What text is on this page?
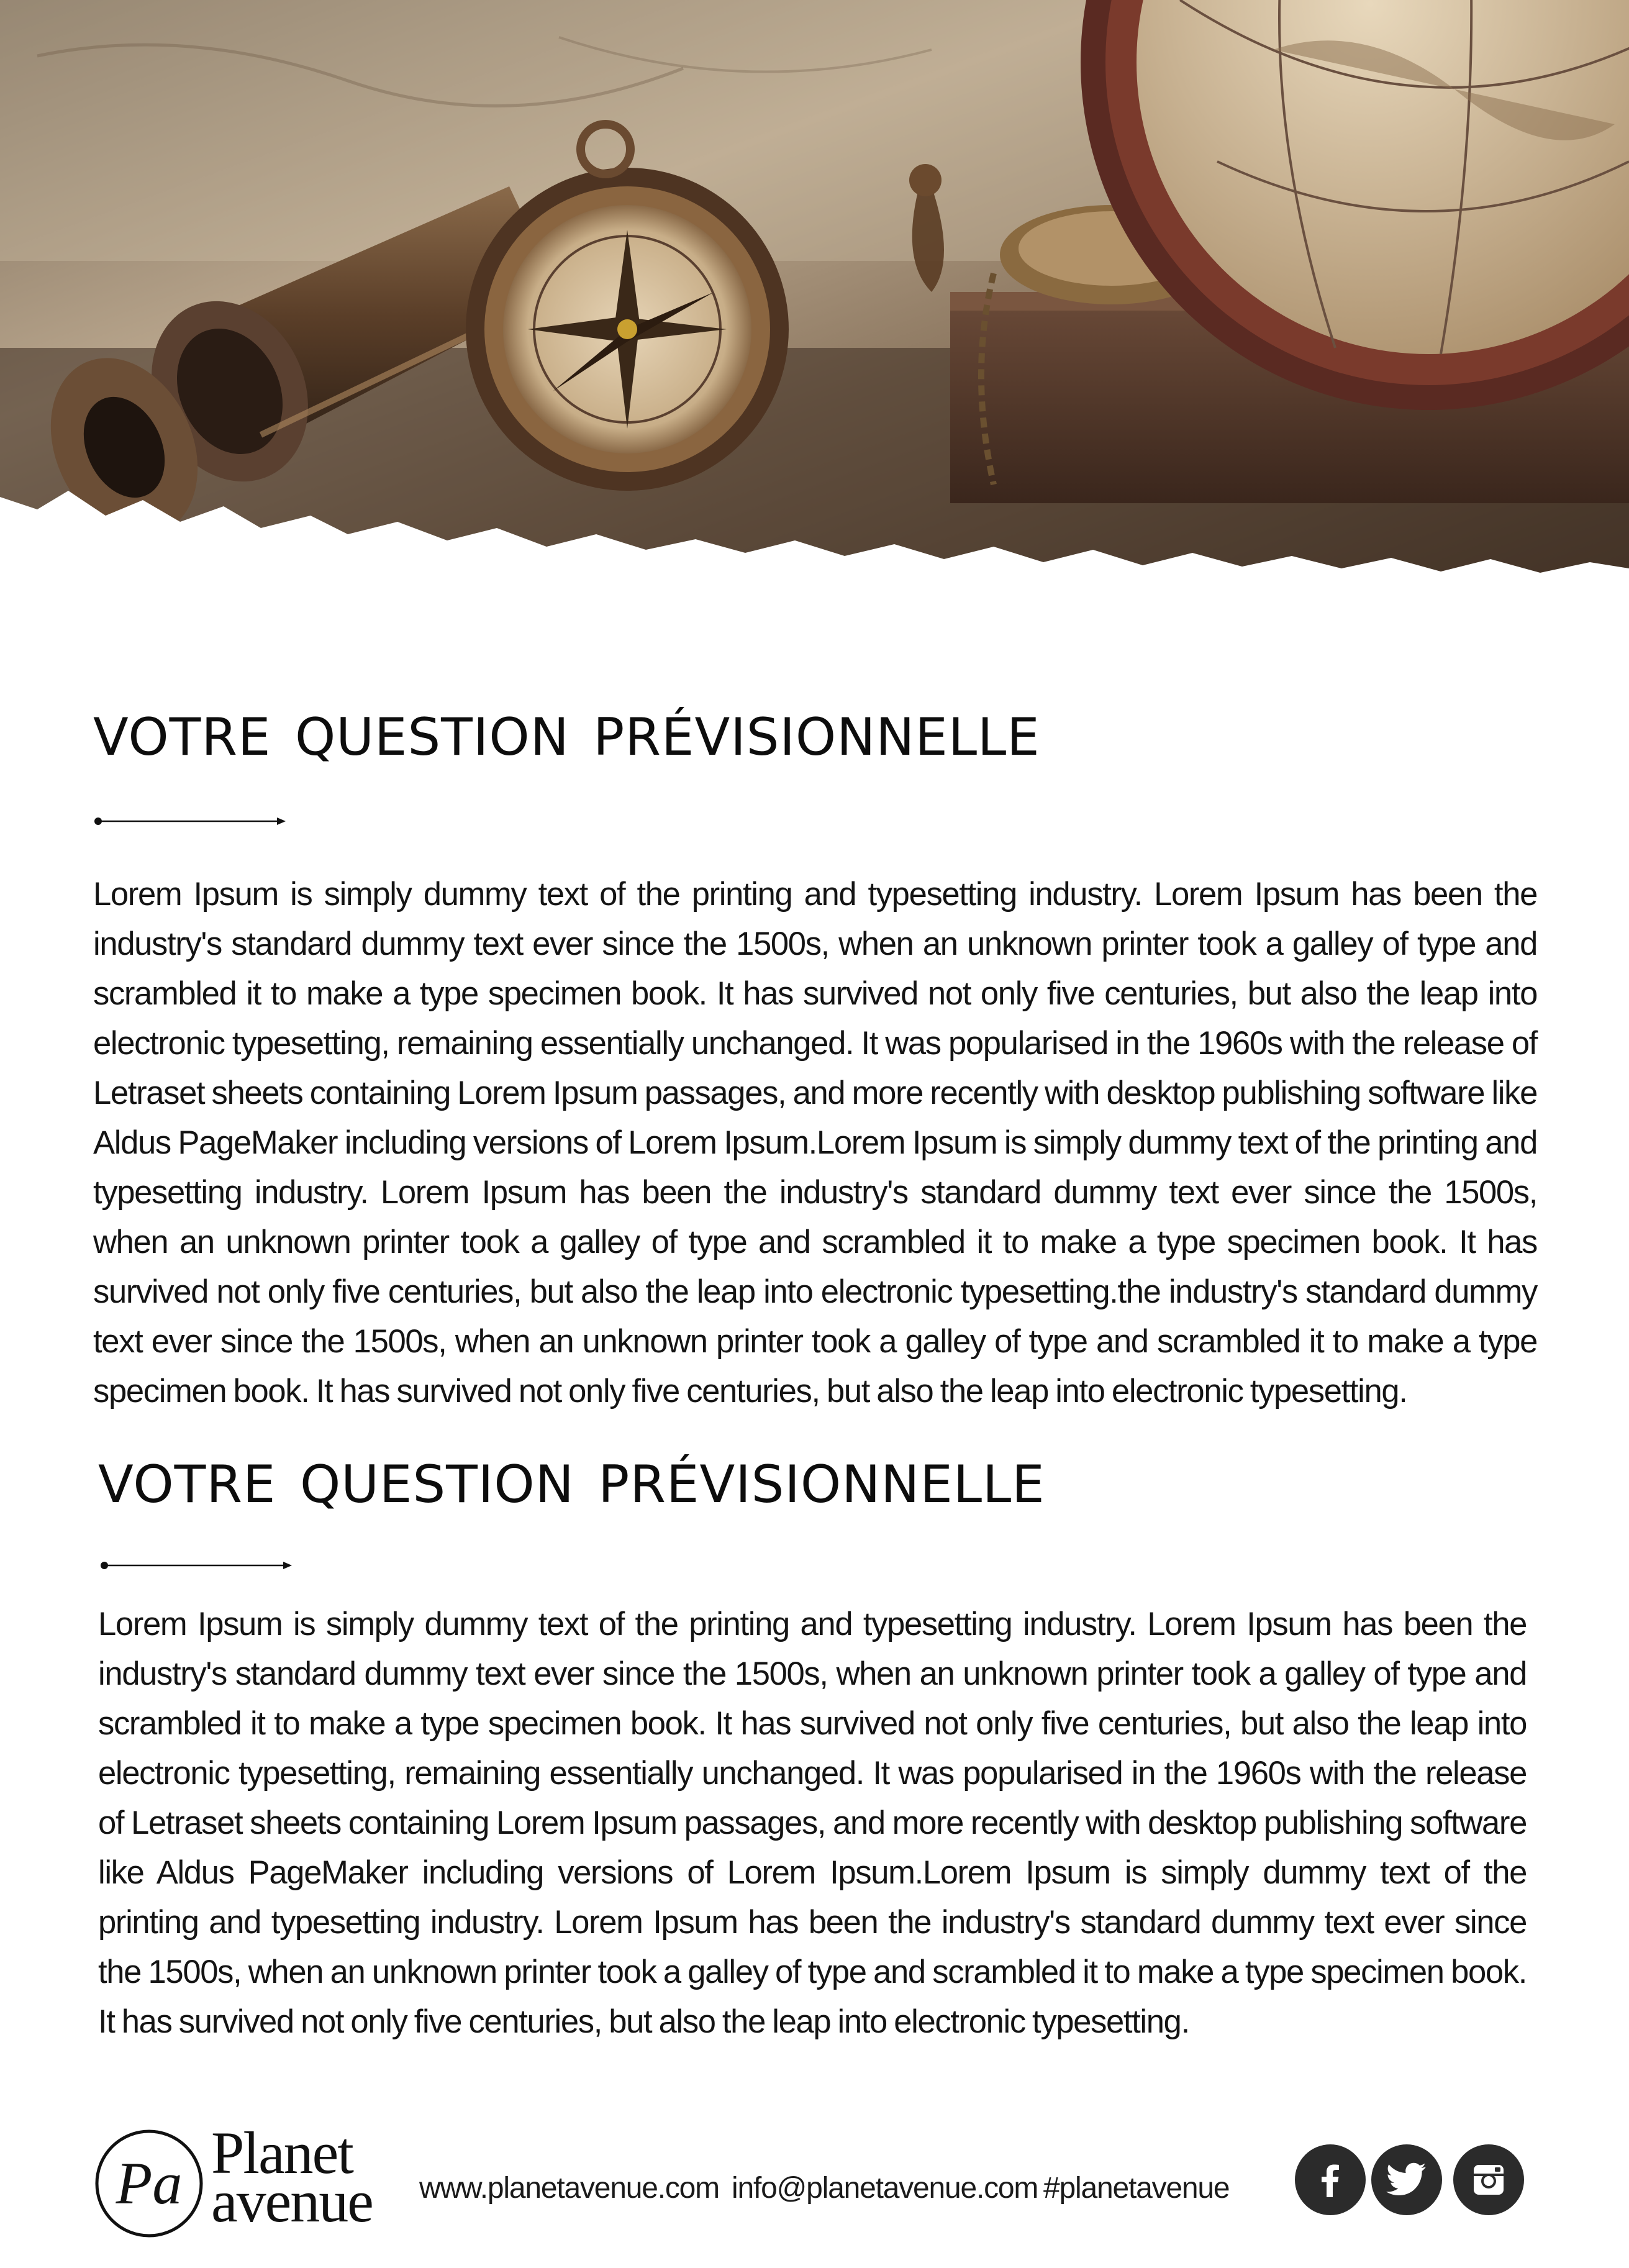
votre question prévisionnelle

Lorem Ipsum is simply dummy text of the printing and typesetting industry. Lorem Ipsum has been the industry's standard dummy text ever since the 1500s, when an unknown printer took a galley of type and scrambled it to make a type specimen book. It has survived not only five centuries, but also the leap into electronic typesetting, remaining essentially unchanged. It was popularised in the 1960s with the release of Letraset sheets containing Lorem Ipsum passages, and more recently with desktop publishing software like Aldus PageMaker including versions of Lorem Ipsum.Lorem Ipsum is simply dummy text of the printing and typesetting industry. Lorem Ipsum has been the industry's standard dummy text ever since the 1500s, when an unknown printer took a galley of type and scrambled it to make a type specimen book. It has survived not only five centuries, but also the leap into electronic typesetting.the industry's standard dummy text ever since the 1500s, when an unknown printer took a galley of type and scrambled it to make a type specimen book. It has survived not only five centuries, but also the leap into electronic typesetting.

votre question prévisionnelle

Lorem Ipsum is simply dummy text of the printing and typesetting industry. Lorem Ipsum has been the industry's standard dummy text ever since the 1500s, when an unknown printer took a galley of type and scrambled it to make a type specimen book. It has survived not only five centuries, but also the leap into electronic typesetting, remaining essentially unchanged. It was popularised in the 1960s with the release of Letraset sheets containing Lorem Ipsum passages, and more recently with desktop publishing software like Aldus PageMaker including versions of Lorem Ipsum.Lorem Ipsum is simply dummy text of the printing and typesetting industry. Lorem Ipsum has been the industry's standard dummy text ever since the 1500s, when an unknown printer took a galley of type and scrambled it to make a type specimen book. It has survived not only five centuries, but also the leap into electronic typesetting.

Pa Planet
avenue www.planetavenue.com info@planetavenue.com #planetavenue
